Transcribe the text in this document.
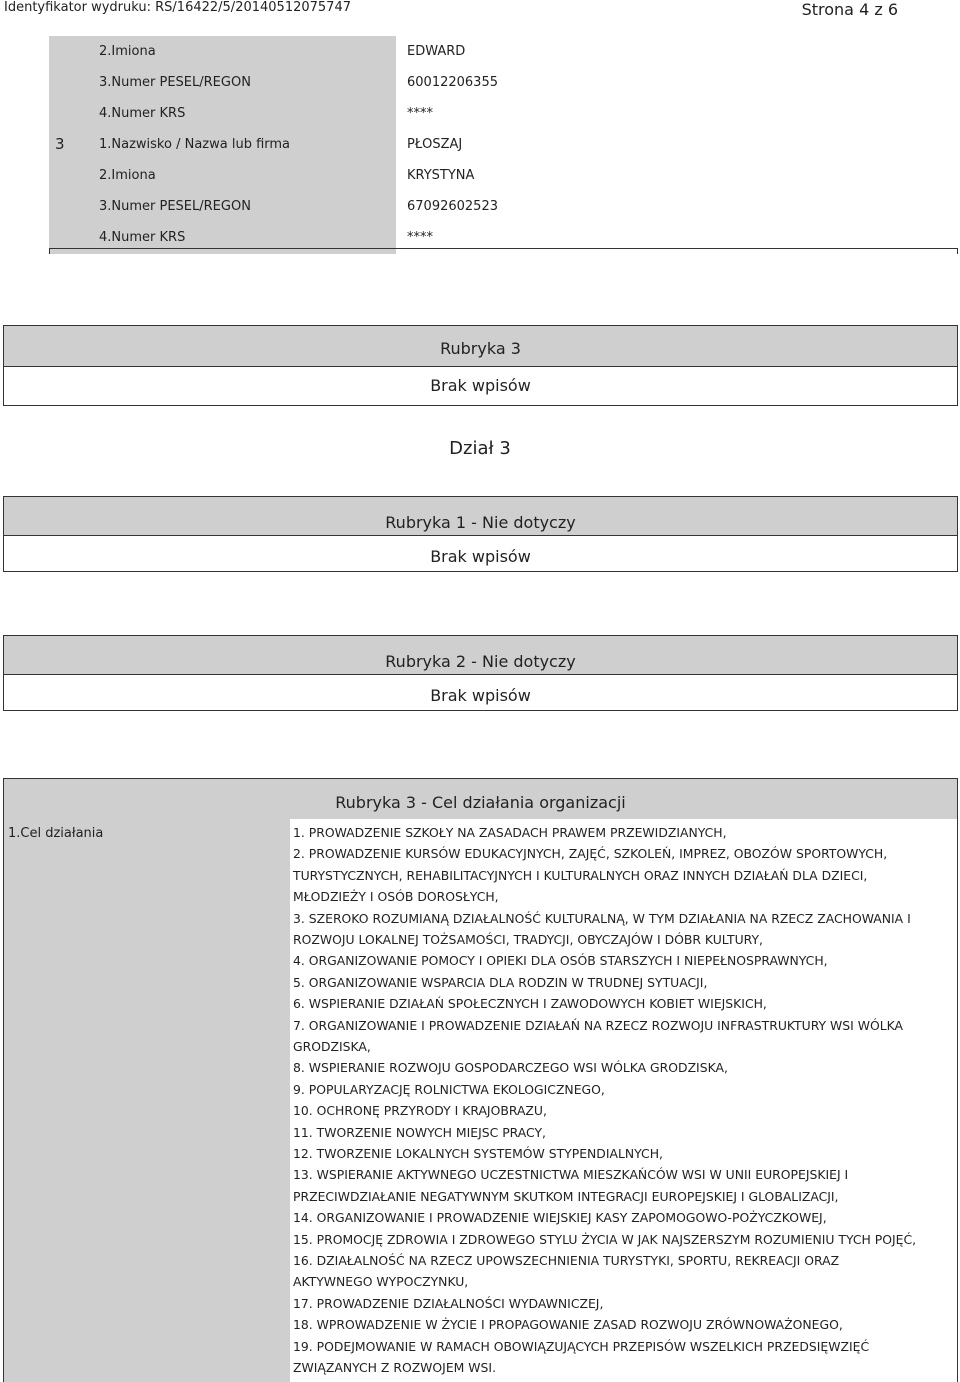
Identyfikator wydruku: RS/16422/5/20140512075747	Strona 4 z 6
2.Imiona	EDWARD
3.Numer PESEL/REGON	60012206355
4.Numer KRS	****
3	1.Nazwisko / Nazwa lub firma	PŁOSZAJ
2.Imiona	KRYSTYNA
3.Numer PESEL/REGON	67092602523
4.Numer KRS	****
Rubryka 3
Brak wpisów
Dział 3
Rubryka 1 - Nie dotyczy
Brak wpisów
Rubryka 2 - Nie dotyczy
Brak wpisów
Rubryka 3 - Cel działania organizacji
1.Cel działania	1. PROWADZENIE SZKOŁY NA ZASADACH PRAWEM PRZEWIDZIANYCH,
2. PROWADZENIE KURSÓW EDUKACYJNYCH, ZAJĘĆ, SZKOLEŃ, IMPREZ, OBOZÓW SPORTOWYCH,
TURYSTYCZNYCH, REHABILITACYJNYCH I KULTURALNYCH ORAZ INNYCH DZIAŁAŃ DLA DZIECI,
MŁODZIEŻY I OSÓB DOROSŁYCH,
3. SZEROKO ROZUMIANĄ DZIAŁALNOŚĆ KULTURALNĄ, W TYM DZIAŁANIA NA RZECZ ZACHOWANIA I
ROZWOJU LOKALNEJ TOŻSAMOŚCI, TRADYCJI, OBYCZAJÓW I DÓBR KULTURY,
4. ORGANIZOWANIE POMOCY I OPIEKI DLA OSÓB STARSZYCH I NIEPEŁNOSPRAWNYCH,
5. ORGANIZOWANIE WSPARCIA DLA RODZIN W TRUDNEJ SYTUACJI,
6. WSPIERANIE DZIAŁAŃ SPOŁECZNYCH I ZAWODOWYCH KOBIET WIEJSKICH,
7. ORGANIZOWANIE I PROWADZENIE DZIAŁAŃ NA RZECZ ROZWOJU INFRASTRUKTURY WSI WÓLKA
GRODZISKA,
8. WSPIERANIE ROZWOJU GOSPODARCZEGO WSI WÓLKA GRODZISKA,
9. POPULARYZACJĘ ROLNICTWA EKOLOGICZNEGO,
10. OCHRONĘ PRZYRODY I KRAJOBRAZU,
11. TWORZENIE NOWYCH MIEJSC PRACY,
12. TWORZENIE LOKALNYCH SYSTEMÓW STYPENDIALNYCH,
13. WSPIERANIE AKTYWNEGO UCZESTNICTWA MIESZKAŃCÓW WSI W UNII EUROPEJSKIEJ I
PRZECIWDZIAŁANIE NEGATYWNYM SKUTKOM INTEGRACJI EUROPEJSKIEJ I GLOBALIZACJI,
14. ORGANIZOWANIE I PROWADZENIE WIEJSKIEJ KASY ZAPOMOGOWO-POŻYCZKOWEJ,
15. PROMOCJĘ ZDROWIA I ZDROWEGO STYLU ŻYCIA W JAK NAJSZERSZYM ROZUMIENIU TYCH POJĘĆ,
16. DZIAŁALNOŚĆ NA RZECZ UPOWSZECHNIENIA TURYSTYKI, SPORTU, REKREACJI ORAZ
AKTYWNEGO WYPOCZYNKU,
17. PROWADZENIE DZIAŁALNOŚCI WYDAWNICZEJ,
18. WPROWADZENIE W ŻYCIE I PROPAGOWANIE ZASAD ROZWOJU ZRÓWNOWAŻONEGO,
19. PODEJMOWANIE W RAMACH OBOWIĄZUJĄCYCH PRZEPISÓW WSZELKICH PRZEDSIĘWZIĘĆ
ZWIĄZANYCH Z ROZWOJEM WSI.
